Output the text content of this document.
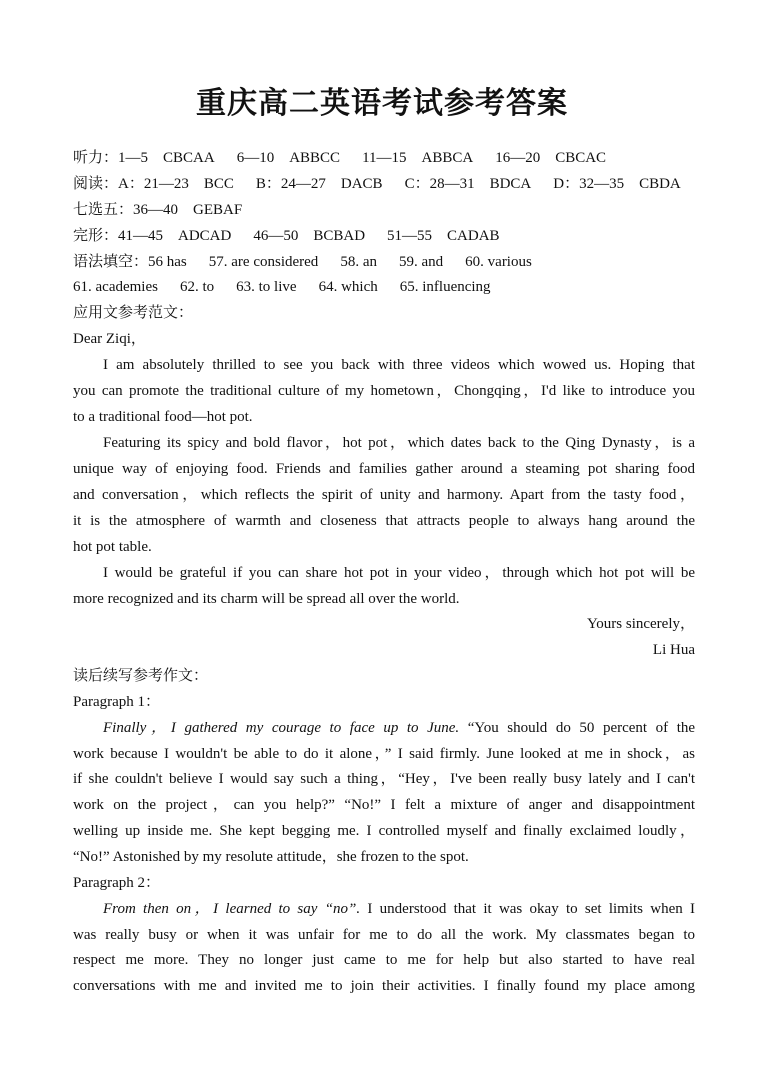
重庆高二英语考试参考答案
听力：1—5　CBCAA 6—10　ABBCC 11—15　ABBCA 16—20　CBCAC
阅读：A：21—23　BCC B：24—27　DACB C：28—31　BDCA D：32—35　CBDA
七选五：36—40　GEBAF
完形：41—45　ADCAD 46—50　BCBAD 51—55　CADAB
语法填空：56 has 57. are considered 58. an 59. and 60. various
61. academies 62. to 63. to live 64. which 65. influencing
应用文参考范文：
Dear Ziqi，
I am absolutely thrilled to see you back with three videos which wowed us. Hoping that
you can promote the traditional culture of my hometown，Chongqing，I'd like to introduce you
to a traditional food—hot pot.
Featuring its spicy and bold flavor，hot pot，which dates back to the Qing Dynasty，is a
unique way of enjoying food. Friends and families gather around a steaming pot sharing food
and conversation，which reflects the spirit of unity and harmony. Apart from the tasty food，
it is the atmosphere of warmth and closeness that attracts people to always hang around the
hot pot table.
I would be grateful if you can share hot pot in your video，through which hot pot will be
more recognized and its charm will be spread all over the world.
Yours sincerely，
Li Hua
读后续写参考作文：
Paragraph 1：
Finally，I gathered my courage to face up to June. “You should do 50 percent of the
work because I wouldn't be able to do it alone，” I said firmly. June looked at me in shock，as
if she couldn't believe I would say such a thing，“Hey，I've been really busy lately and I can't
work on the project，can you help?” “No!” I felt a mixture of anger and disappointment
welling up inside me. She kept begging me. I controlled myself and finally exclaimed loudly，
“No!” Astonished by my resolute attitude，she frozen to the spot.
Paragraph 2：
From then on，I learned to say “no”. I understood that it was okay to set limits when I
was really busy or when it was unfair for me to do all the work. My classmates began to
respect me more. They no longer just came to me for help but also started to have real
conversations with me and invited me to join their activities. I finally found my place among
